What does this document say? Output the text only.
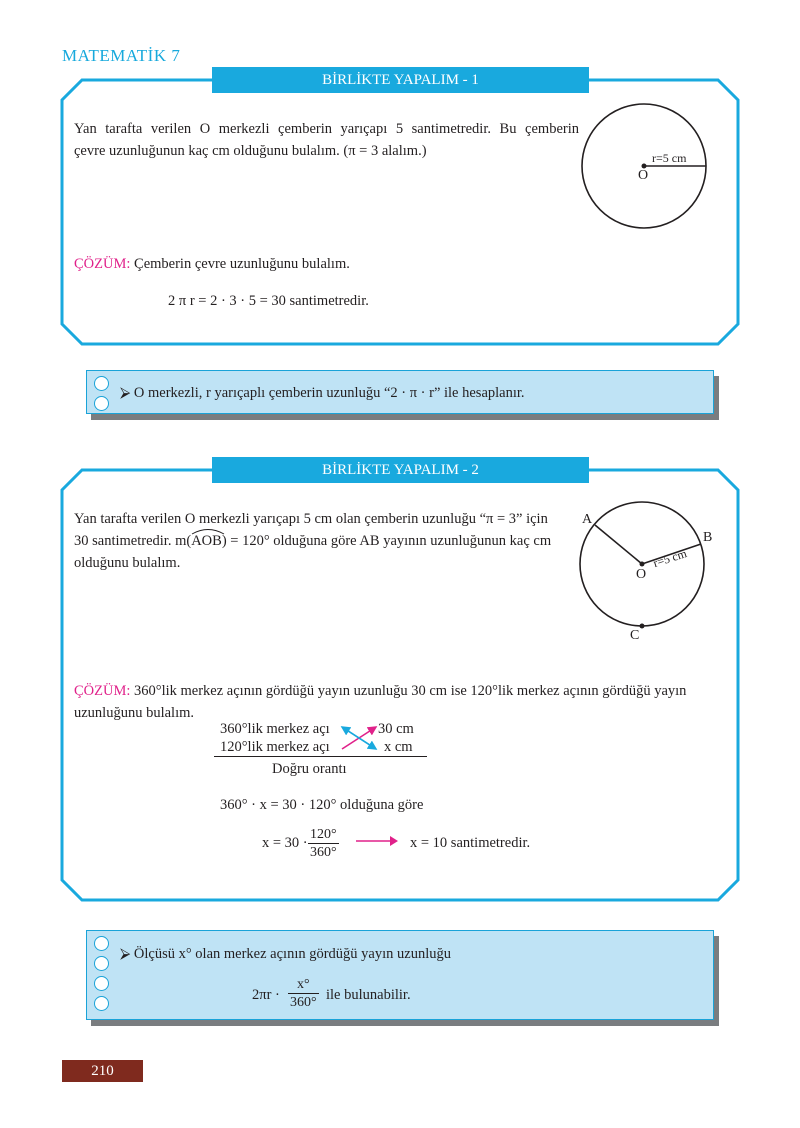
MATEMATİK 7
BİRLİKTE YAPALIM - 1
Yan tarafta verilen O merkezli çemberin yarıçapı 5 santimetredir. Bu çemberin
çevre uzunluğunun kaç cm olduğunu bulalım. (π = 3 alalım.)	r=5 cm
O
ÇÖZÜM: Çemberin çevre uzunluğunu bulalım.
2 π r = 2 · 3 · 5 = 30 santimetredir.
⮚ O merkezli, r yarıçaplı çemberin uzunluğu “2 · π · r” ile hesaplanır.
BİRLİKTE YAPALIM - 2
Yan tarafta verilen O merkezli yarıçapı 5 cm olan çemberin uzunluğu “π = 3” için
30 santimetredir. m(
AOB) = 120° olduğuna göre AB yayının uzunluğunun kaç cm
olduğunu bulalım.
A
B
C
O
r=5 cm
ÇÖZÜM: 360°lik merkez açının gördüğü yayın uzunluğu 30 cm ise 120°lik merkez açının gördüğü yayın
uzunluğunu bulalım.
360°lik merkez açı	30 cm
120°lik merkez açı	x cm
Doğru orantı
360° · x = 30 · 120° olduğuna göre
$x = 30 \cdot \frac{120^\circ}{360^\circ}$	x = 10 santimetredir.
⮚ Ölçüsü x° olan merkez açının gördüğü yayın uzunluğu
$2\pi r \cdot \frac{x^\circ}{360^\circ}$ ile bulunabilir.
210
